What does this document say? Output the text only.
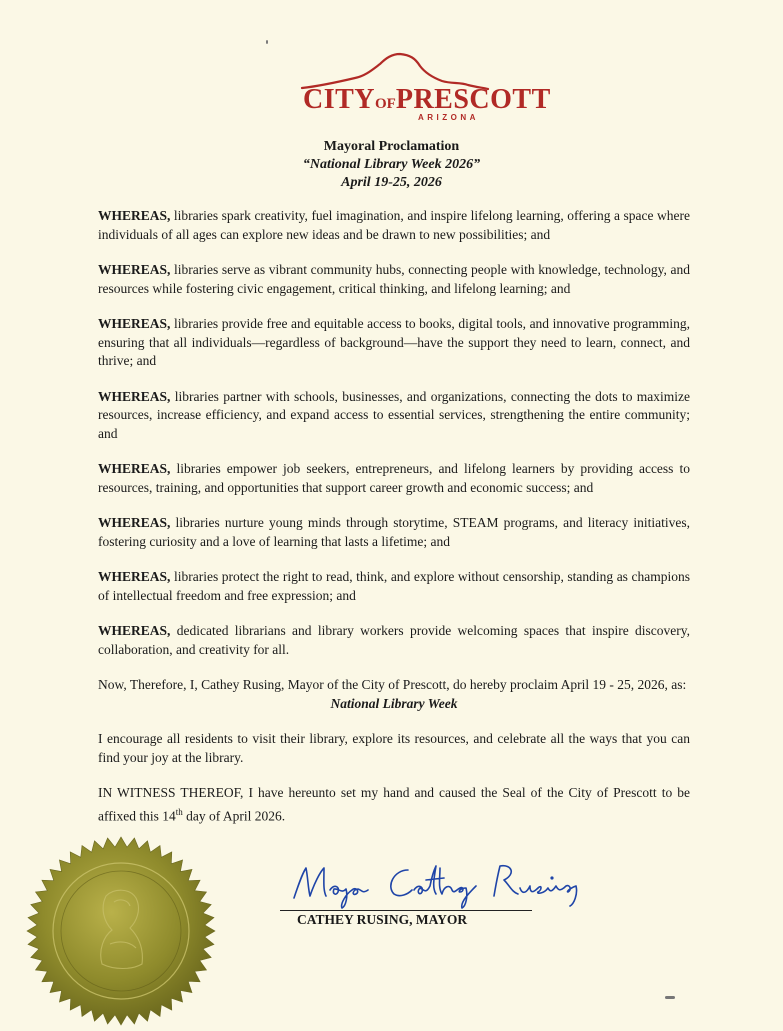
CITYOFPRESCOTT
ARIZONA
Mayoral Proclamation
“National Library Week 2026”
April 19-25, 2026

WHEREAS, libraries spark creativity, fuel imagination, and inspire lifelong learning, offering a space where individuals of all ages can explore new ideas and be drawn to new possibilities; and

WHEREAS, libraries serve as vibrant community hubs, connecting people with knowledge, technology, and resources while fostering civic engagement, critical thinking, and lifelong learning; and

WHEREAS, libraries provide free and equitable access to books, digital tools, and innovative programming, ensuring that all individuals—regardless of background—have the support they need to learn, connect, and thrive; and

WHEREAS, libraries partner with schools, businesses, and organizations, connecting the dots to maximize resources, increase efficiency, and expand access to essential services, strengthening the entire community; and

WHEREAS, libraries empower job seekers, entrepreneurs, and lifelong learners by providing access to resources, training, and opportunities that support career growth and economic success; and

WHEREAS, libraries nurture young minds through storytime, STEAM programs, and literacy initiatives, fostering curiosity and a love of learning that lasts a lifetime; and

WHEREAS, libraries protect the right to read, think, and explore without censorship, standing as champions of intellectual freedom and free expression; and

WHEREAS, dedicated librarians and library workers provide welcoming spaces that inspire discovery, collaboration, and creativity for all.

Now, Therefore, I, Cathey Rusing, Mayor of the City of Prescott, do hereby proclaim April 19 - 25, 2026, as:

National Library Week

I encourage all residents to visit their library, explore its resources, and celebrate all the ways that you can find your joy at the library.

IN WITNESS THEREOF, I have hereunto set my hand and caused the Seal of the City of Prescott to be affixed this 14th day of April 2026.

CATHEY RUSING, MAYOR
